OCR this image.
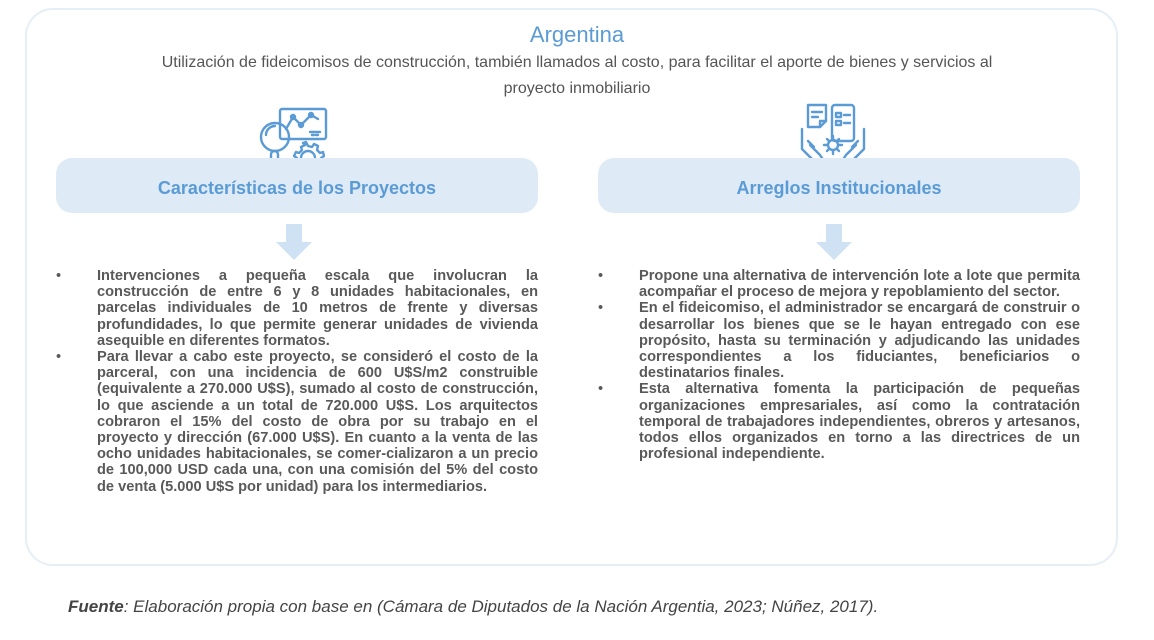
Argentina
Utilización de fideicomisos de construcción, también llamados al costo, para facilitar el aporte de bienes y servicios al proyecto inmobiliario
Características de los Proyectos	Arreglos Institucionales
•	Intervenciones a pequeña escala que involucran la construcción de entre 6 y 8 unidades habitacionales, en parcelas individuales de 10 metros de frente y diversas profundidades, lo que permite generar unidades de vivienda asequible en diferentes formatos.
•	Para llevar a cabo este proyecto, se consideró el costo de la parceral, con una incidencia de 600 U$S/m2 construible (equivalente a 270.000 U$S), sumado al costo de construcción, lo que asciende a un total de 720.000 U$S. Los arquitectos cobraron el 15% del costo de obra por su trabajo en el proyecto y dirección (67.000 U$S). En cuanto a la venta de las ocho unidades habitacionales, se comer-cializaron a un precio de 100,000 USD cada una, con una comisión del 5% del costo de venta (5.000 U$S por unidad) para los intermediarios.
•	Propone una alternativa de intervención lote a lote que permita acompañar el proceso de mejora y repoblamiento del sector.
•	En el fideicomiso, el administrador se encargará de construir o desarrollar los bienes que se le hayan entregado con ese propósito, hasta su terminación y adjudicando las unidades correspondientes a los fiduciantes, beneficiarios o destinatarios finales.
•	Esta alternativa fomenta la participación de pequeñas organizaciones empresariales, así como la contratación temporal de trabajadores independientes, obreros y artesanos, todos ellos organizados en torno a las directrices de un profesional independiente.
Fuente: Elaboración propia con base en (Cámara de Diputados de la Nación Argentia, 2023; Núñez, 2017).
